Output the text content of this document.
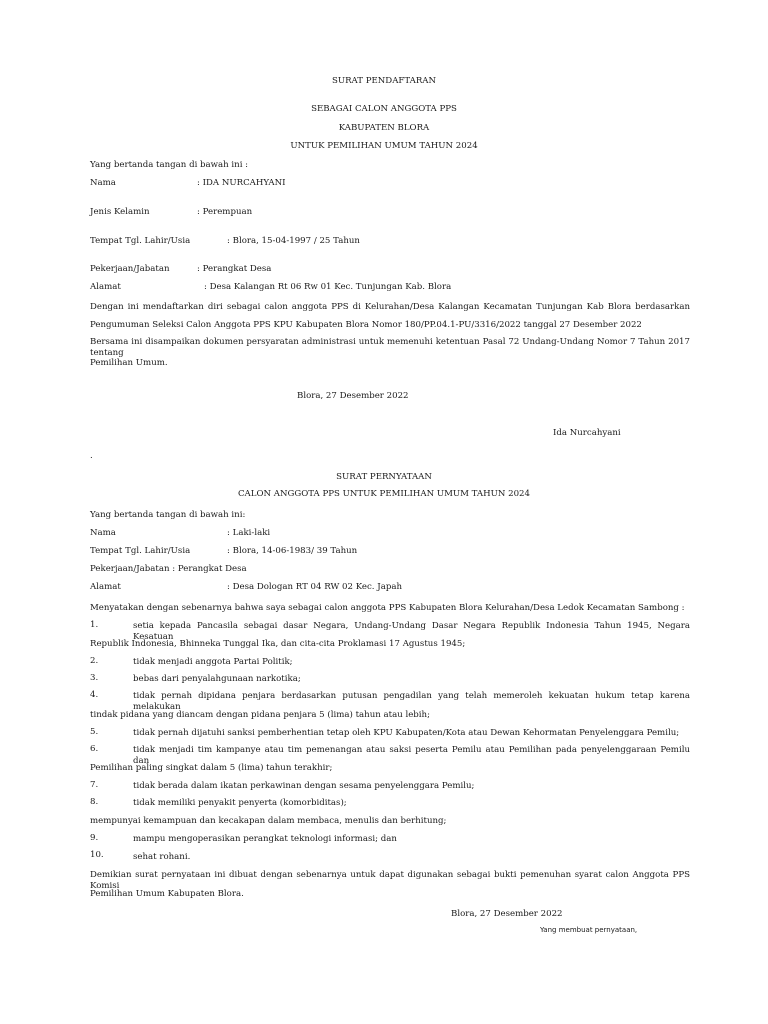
SURAT PENDAFTARAN
SEBAGAI CALON ANGGOTA PPS
KABUPATEN BLORA
UNTUK PEMILIHAN UMUM TAHUN 2024
Yang bertanda tangan di bawah ini :
Nama	: IDA NURCAHYANI
Jenis Kelamin	: Perempuan
Tempat Tgl. Lahir/Usia	: Blora, 15-04-1997 / 25 Tahun
Pekerjaan/Jabatan	: Perangkat Desa
Alamat	: Desa Kalangan Rt 06 Rw 01 Kec. Tunjungan Kab. Blora
Dengan ini mendaftarkan diri sebagai calon anggota PPS di Kelurahan/Desa Kalangan Kecamatan Tunjungan Kab Blora berdasarkan
Pengumuman Seleksi Calon Anggota PPS KPU Kabupaten Blora Nomor 180/PP.04.1-PU/3316/2022 tanggal 27 Desember 2022
Bersama ini disampaikan dokumen persyaratan administrasi untuk memenuhi ketentuan Pasal 72 Undang-Undang Nomor 7 Tahun 2017 tentang
Pemilihan Umum.
Blora, 27 Desember 2022
Ida Nurcahyani
.
SURAT PERNYATAAN
CALON ANGGOTA PPS UNTUK PEMILIHAN UMUM TAHUN 2024
Yang bertanda tangan di bawah ini:
Nama	: Laki-laki
Tempat Tgl. Lahir/Usia	: Blora, 14-06-1983/ 39 Tahun
Pekerjaan/Jabatan : Perangkat Desa
Alamat	: Desa Dologan RT 04 RW 02 Kec. Japah
Menyatakan dengan sebenarnya bahwa saya sebagai calon anggota PPS Kabupaten Blora Kelurahan/Desa Ledok Kecamatan Sambong :
1.	setia kepada Pancasila sebagai dasar Negara, Undang-Undang Dasar Negara Republik Indonesia Tahun 1945, Negara Kesatuan
Republik Indonesia, Bhinneka Tunggal Ika, dan cita-cita Proklamasi 17 Agustus 1945;
2.	tidak menjadi anggota Partai Politik;
3.	bebas dari penyalahgunaan narkotika;
4.	tidak pernah dipidana penjara berdasarkan putusan pengadilan yang telah memeroleh kekuatan hukum tetap karena melakukan
tindak pidana yang diancam dengan pidana penjara 5 (lima) tahun atau lebih;
5.	tidak pernah dijatuhi sanksi pemberhentian tetap oleh KPU Kabupaten/Kota atau Dewan Kehormatan Penyelenggara Pemilu;
6.	tidak menjadi tim kampanye atau tim pemenangan atau saksi peserta Pemilu atau Pemilihan pada penyelenggaraan Pemilu dan
Pemilihan paling singkat dalam 5 (lima) tahun terakhir;
7.	tidak berada dalam ikatan perkawinan dengan sesama penyelenggara Pemilu;
8.	tidak memiliki penyakit penyerta (komorbiditas);
mempunyai kemampuan dan kecakapan dalam membaca, menulis dan berhitung;
9.	mampu mengoperasikan perangkat teknologi informasi; dan
10.	sehat rohani.
Demikian surat pernyataan ini dibuat dengan sebenarnya untuk dapat digunakan sebagai bukti pemenuhan syarat calon Anggota PPS Komisi
Pemilihan Umum Kabupaten Blora.
Blora, 27 Desember 2022
Yang membuat pernyataan,
